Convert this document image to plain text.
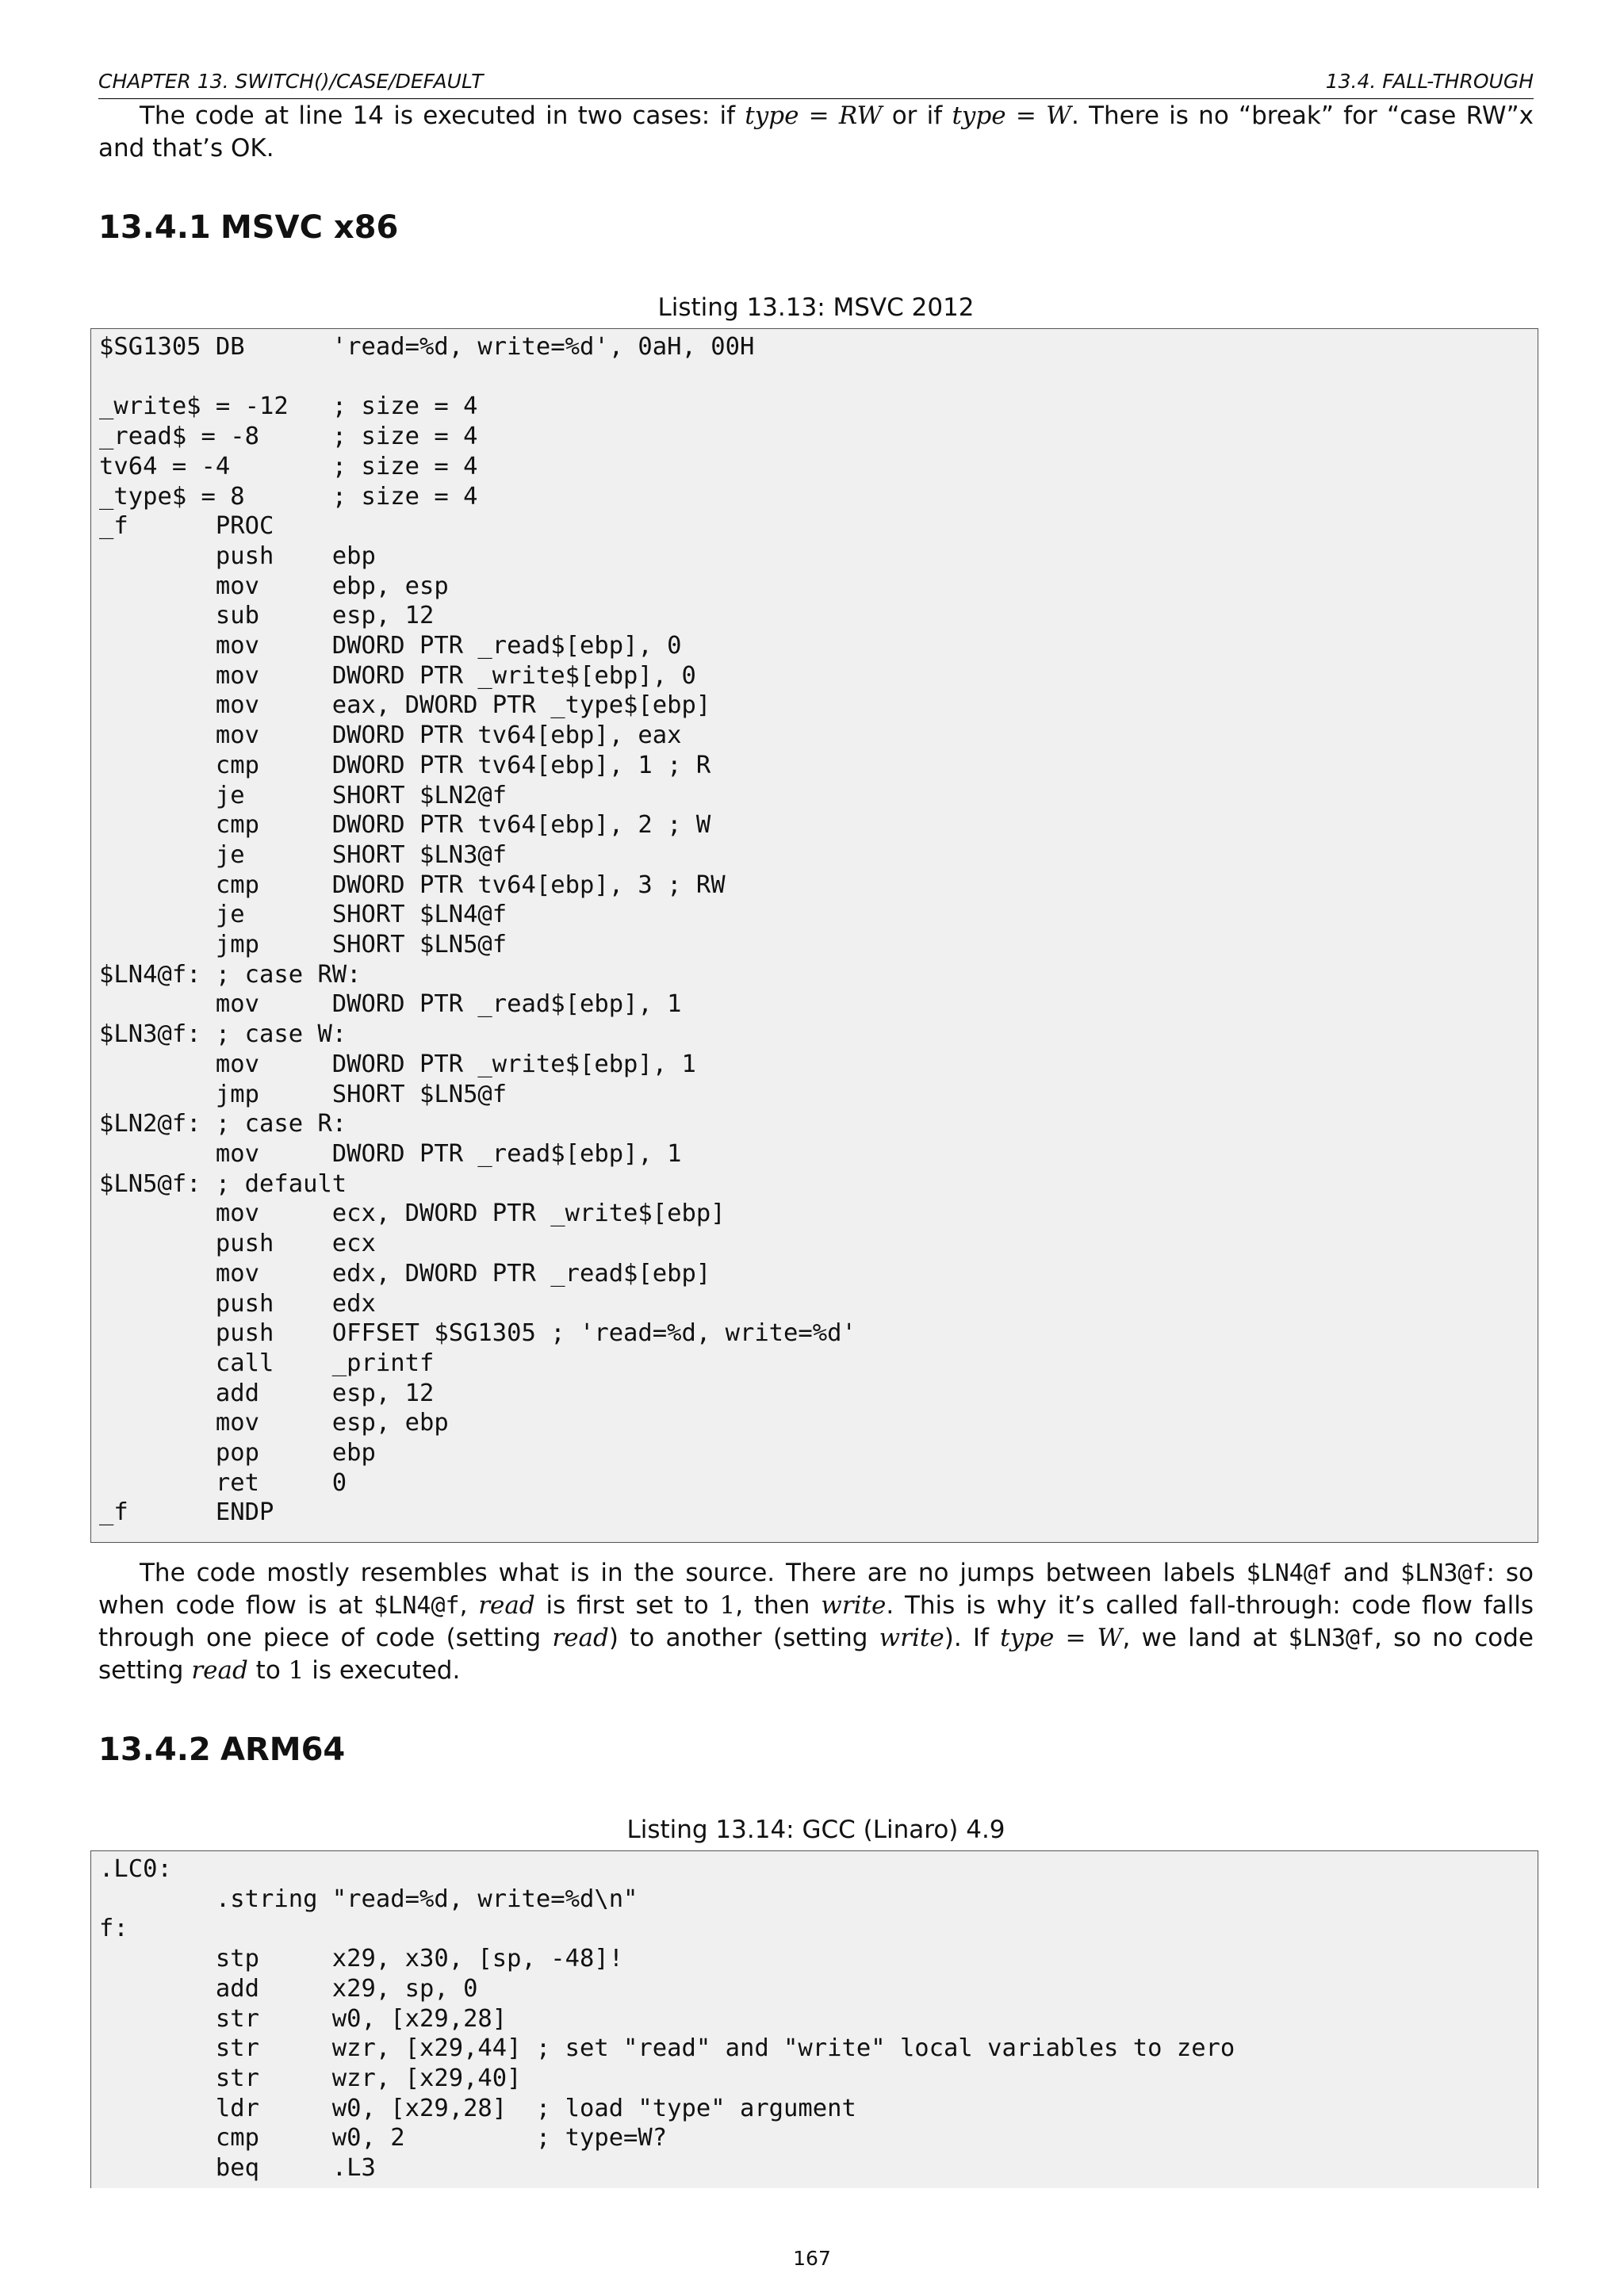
CHAPTER 13. SWITCH()/CASE/DEFAULT	13.4. FALL-THROUGH

The code at line 14 is executed in two cases: if type = RW or if type = W. There is no “break” for “case RW”x and that’s OK.

13.4.1 MSVC x86
Listing 13.13: MSVC 2012
$SG1305 DB      'read=%d, write=%d', 0aH, 00H

_write$ = -12   ; size = 4
_read$ = -8     ; size = 4
tv64 = -4       ; size = 4
_type$ = 8      ; size = 4
_f      PROC
push    ebp
mov     ebp, esp
sub     esp, 12
mov     DWORD PTR _read$[ebp], 0
mov     DWORD PTR _write$[ebp], 0
mov     eax, DWORD PTR _type$[ebp]
mov     DWORD PTR tv64[ebp], eax
cmp     DWORD PTR tv64[ebp], 1 ; R
je      SHORT $LN2@f
cmp     DWORD PTR tv64[ebp], 2 ; W
je      SHORT $LN3@f
cmp     DWORD PTR tv64[ebp], 3 ; RW
je      SHORT $LN4@f
jmp     SHORT $LN5@f
$LN4@f: ; case RW:
mov     DWORD PTR _read$[ebp], 1
$LN3@f: ; case W:
mov     DWORD PTR _write$[ebp], 1
jmp     SHORT $LN5@f
$LN2@f: ; case R:
mov     DWORD PTR _read$[ebp], 1
$LN5@f: ; default
mov     ecx, DWORD PTR _write$[ebp]
push    ecx
mov     edx, DWORD PTR _read$[ebp]
push    edx
push    OFFSET $SG1305 ; 'read=%d, write=%d'
call    _printf
add     esp, 12
mov     esp, ebp
pop     ebp
ret     0
_f      ENDP

The code mostly resembles what is in the source. There are no jumps between labels $LN4@f and $LN3@f: so when code flow is at $LN4@f, read is first set to 1, then write. This is why it’s called fall-through: code flow falls through one piece of code (setting read) to another (setting write). If type = W, we land at $LN3@f, so no code setting read to 1 is executed.

13.4.2 ARM64
Listing 13.14: GCC (Linaro) 4.9
.LC0:
.string "read=%d, write=%d\n"
f:
stp     x29, x30, [sp, -48]!
add     x29, sp, 0
str     w0, [x29,28]
str     wzr, [x29,44] ; set "read" and "write" local variables to zero
str     wzr, [x29,40]
ldr     w0, [x29,28]  ; load "type" argument
cmp     w0, 2         ; type=W?
beq     .L3
167
